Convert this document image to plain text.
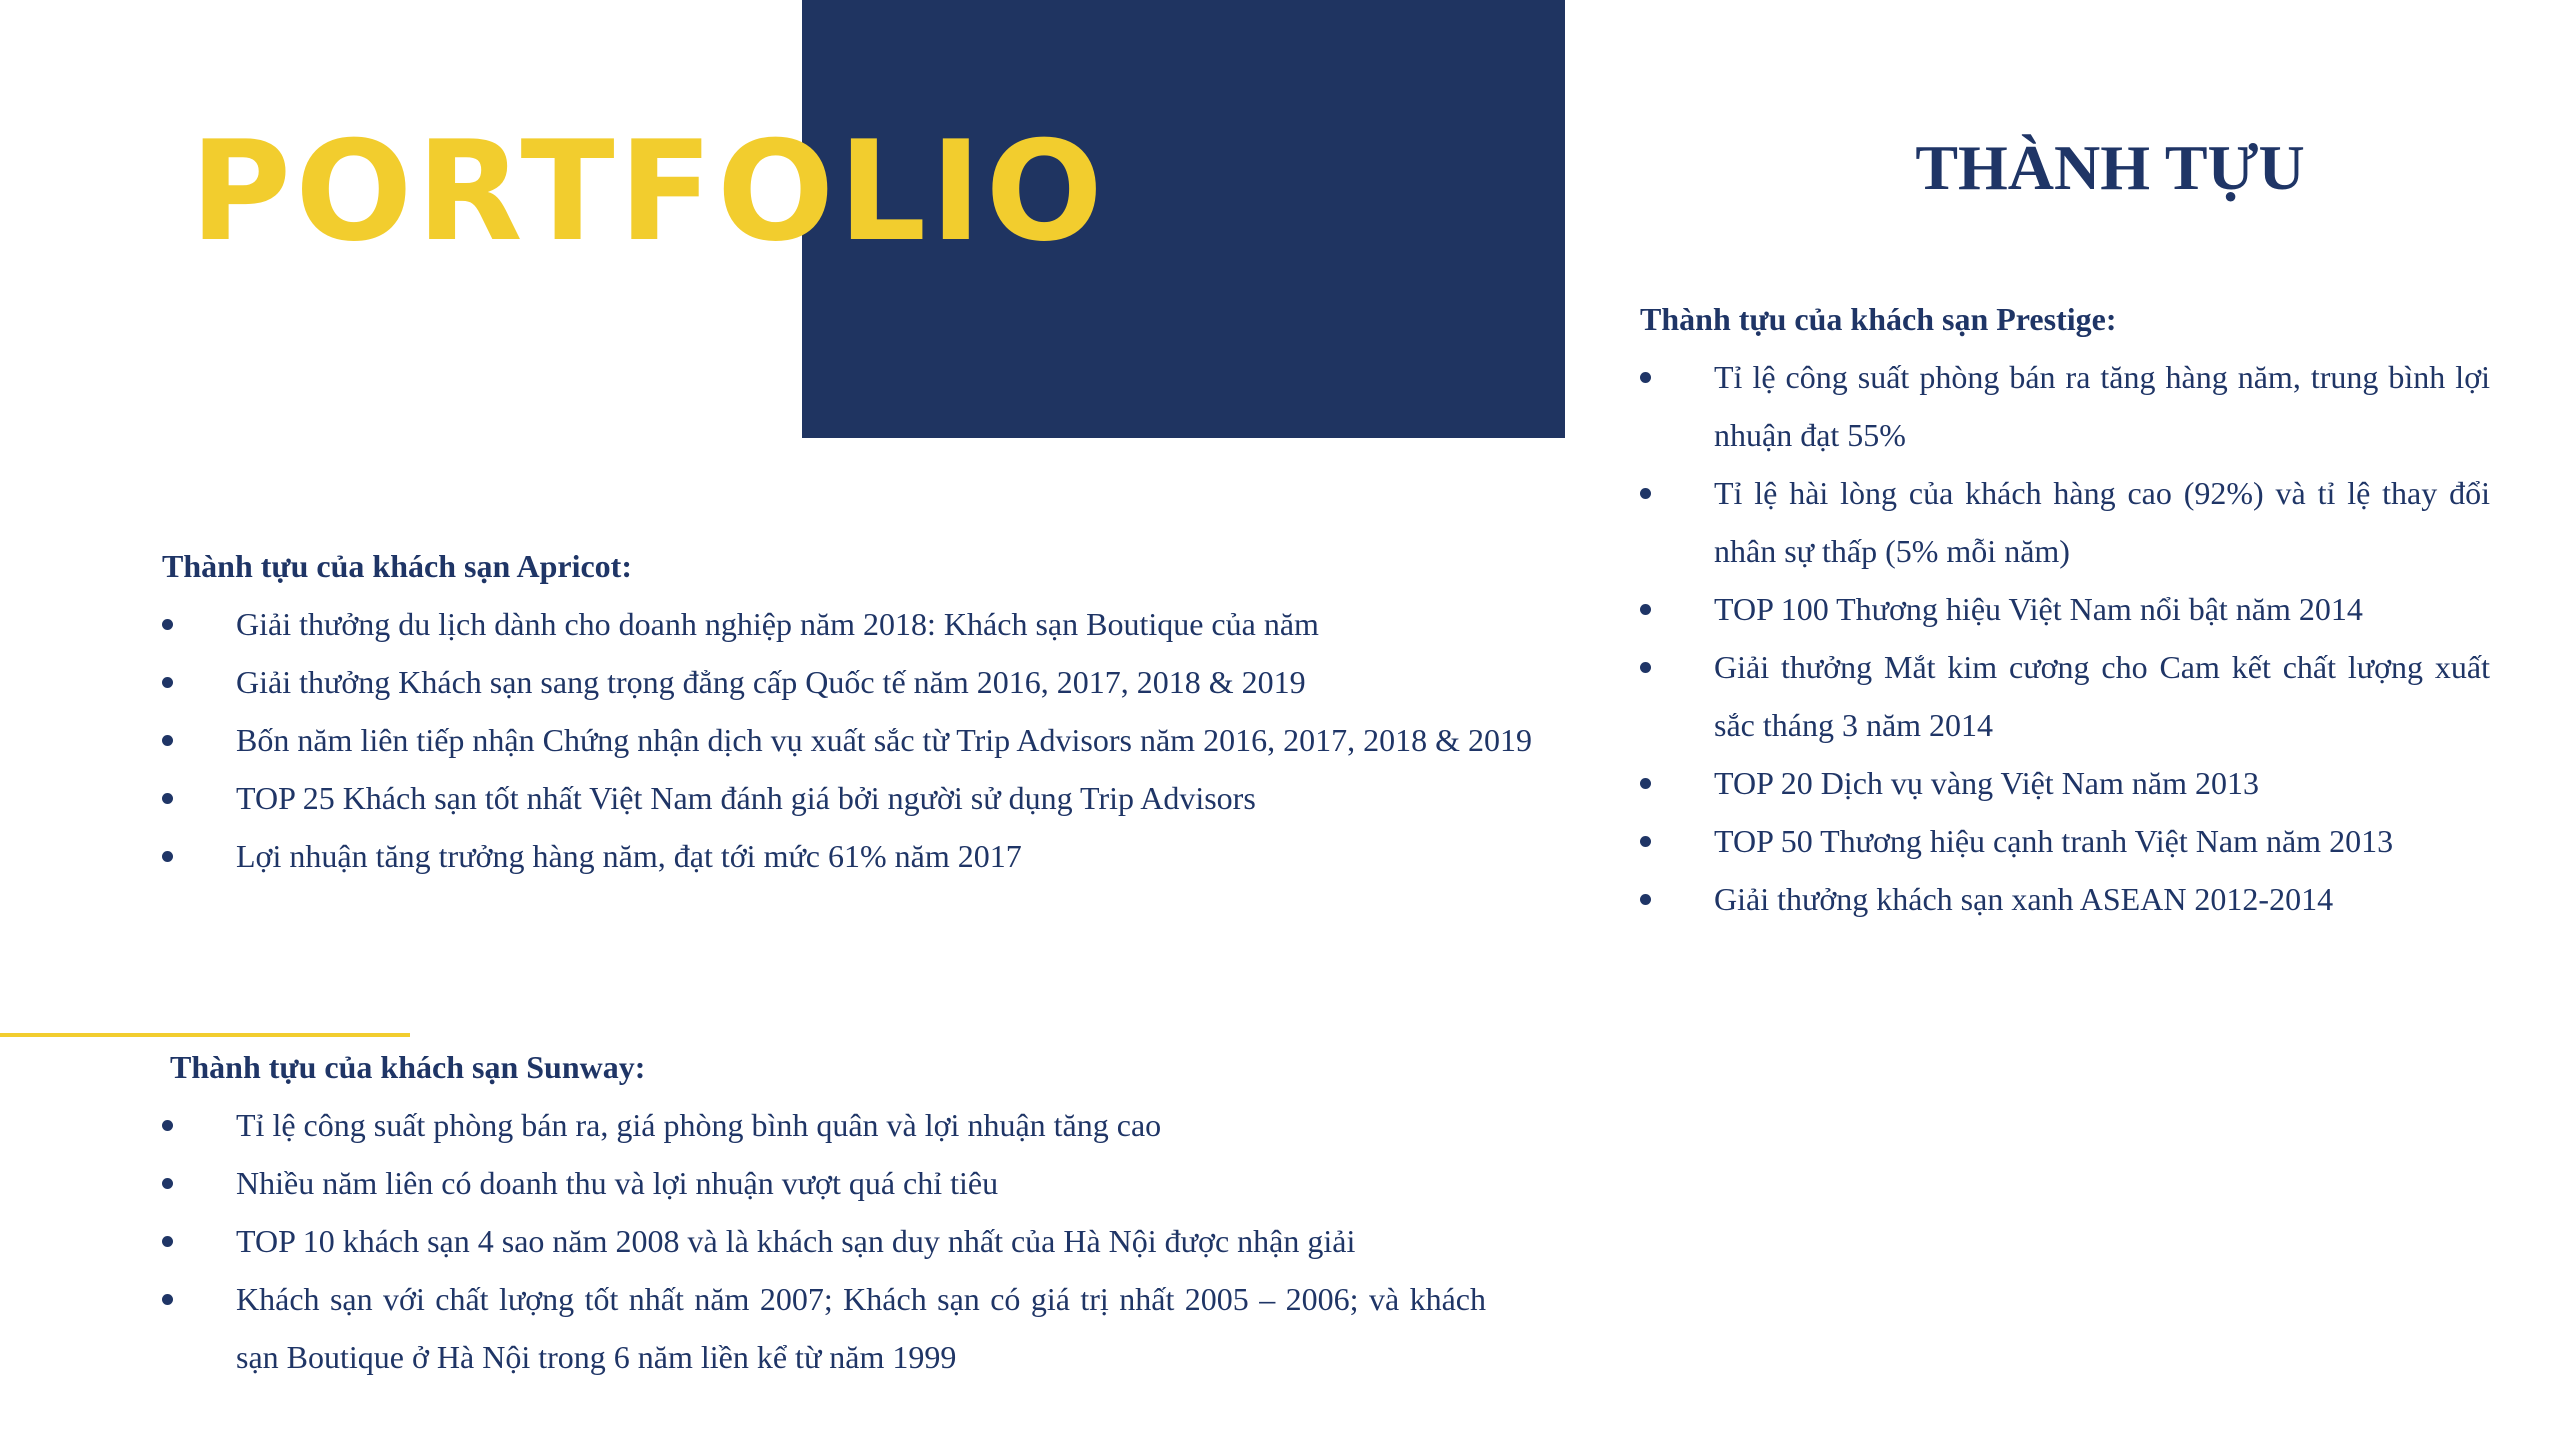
PORTFOLIO	THÀNH TỰU
Thành tựu của khách sạn Apricot:
Giải thưởng du lịch dành cho doanh nghiệp năm 2018: Khách sạn Boutique của năm
Giải thưởng Khách sạn sang trọng đẳng cấp Quốc tế năm 2016, 2017, 2018 & 2019
Bốn năm liên tiếp nhận Chứng nhận dịch vụ xuất sắc từ Trip Advisors năm 2016, 2017, 2018 & 2019
TOP 25 Khách sạn tốt nhất Việt Nam đánh giá bởi người sử dụng Trip Advisors
Lợi nhuận tăng trưởng hàng năm, đạt tới mức 61% năm 2017
Thành tựu của khách sạn Prestige:
Tỉ lệ công suất phòng bán ra tăng hàng năm, trung bình lợi nhuận đạt 55%
Tỉ lệ hài lòng của khách hàng cao (92%) và tỉ lệ thay đổi nhân sự thấp (5% mỗi năm)
TOP 100 Thương hiệu Việt Nam nổi bật năm 2014
Giải thưởng Mắt kim cương cho Cam kết chất lượng xuất sắc tháng 3 năm 2014
TOP 20 Dịch vụ vàng Việt Nam năm 2013
TOP 50 Thương hiệu cạnh tranh Việt Nam năm 2013
Giải thưởng khách sạn xanh ASEAN 2012-2014
Thành tựu của khách sạn Sunway:
Tỉ lệ công suất phòng bán ra, giá phòng bình quân và lợi nhuận tăng cao
Nhiều năm liên có doanh thu và lợi nhuận vượt quá chỉ tiêu
TOP 10 khách sạn 4 sao năm 2008 và là khách sạn duy nhất của Hà Nội được nhận giải
Khách sạn với chất lượng tốt nhất năm 2007; Khách sạn có giá trị nhất 2005 – 2006; và khách sạn Boutique ở Hà Nội trong 6 năm liền kể từ năm 1999
